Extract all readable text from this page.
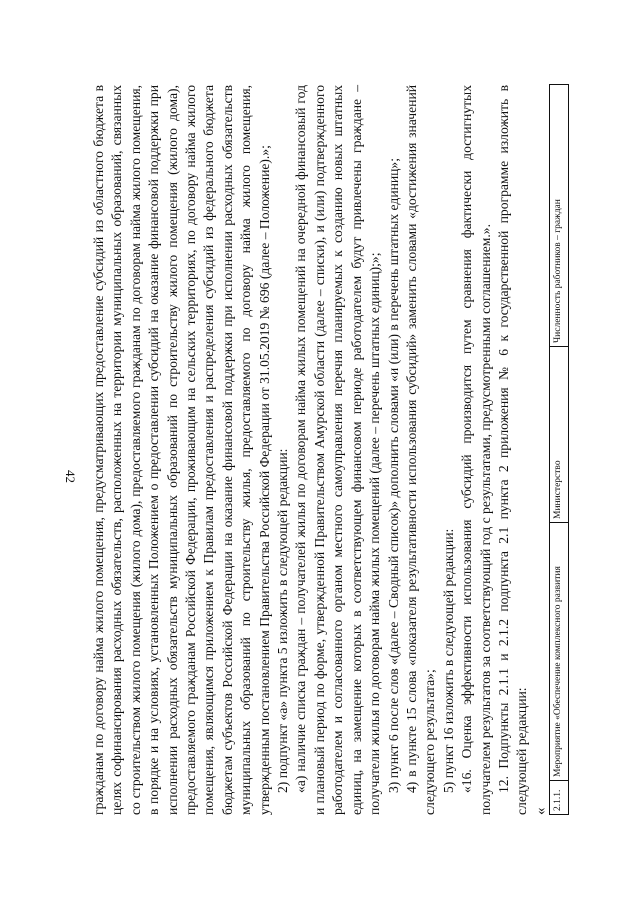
42 гражданам по договору найма жилого помещения, предусматривающих предоставление субсидий из областного бюджета в целях софинансирования расходных обязательств, расположенных на территории муниципальных образований, связанных со строительством жилого помещения (жилого дома), предоставляемого гражданам по договорам найма жилого помещения, в порядке и на условиях, установленных Положением о предоставлении субсидий на оказание финансовой поддержки при исполнении расходных обязательств муниципальных образований по строительству жилого помещения (жилого дома), предоставляемого гражданам Российской Федерации, проживающим на сельских территориях, по договору найма жилого помещения, являющимся приложением к Правилам предоставления и распределения субсидий из федерального бюджета бюджетам субъектов Российской Федерации на оказание финансовой поддержки при исполнении расходных обязательств муниципальных образований по строительству жилья, предоставляемого по договору найма жилого помещения, утвержденным постановлением Правительства Российской Федерации от 31.05.2019 № 696 (далее – Положение).»; 2) подпункт «а» пункта 5 изложить в следующей редакции: «а) наличие списка граждан – получателей жилья по договорам найма жилых помещений на очередной финансовый год и плановый период по форме, утвержденной Правительством Амурской области (далее – списки), и (или) подтвержденного работодателем и согласованного органом местного самоуправления перечня планируемых к созданию новых штатных единиц, на замещение которых в соответствующем финансовом периоде работодателем будут привлечены граждане – получатели жилья по договорам найма жилых помещений (далее – перечень штатных единиц);»; 3) пункт 6 после слов «(далее – Сводный список)» дополнить словами «и (или) в перечень штатных единиц»; 4) в пункте 15 слова «показателя результативности использования субсидий» заменить словами «достижения значений следующего результата»; 5) пункт 16 изложить в следующей редакции: «16. Оценка эффективности использования субсидий производится путем сравнения фактически достигнутых получателем результатов за соответствующий год с результатами, предусмотренными соглашением.». 12. Подпункты 2.1.1 и 2.1.2 подпункта 2.1 пункта 2 приложения № 6 к государственной программе изложить в следующей редакции: «
2.1.1.	Мероприятие «Обеспечение комплексного развития	Министерство	Численность работников – граждан
